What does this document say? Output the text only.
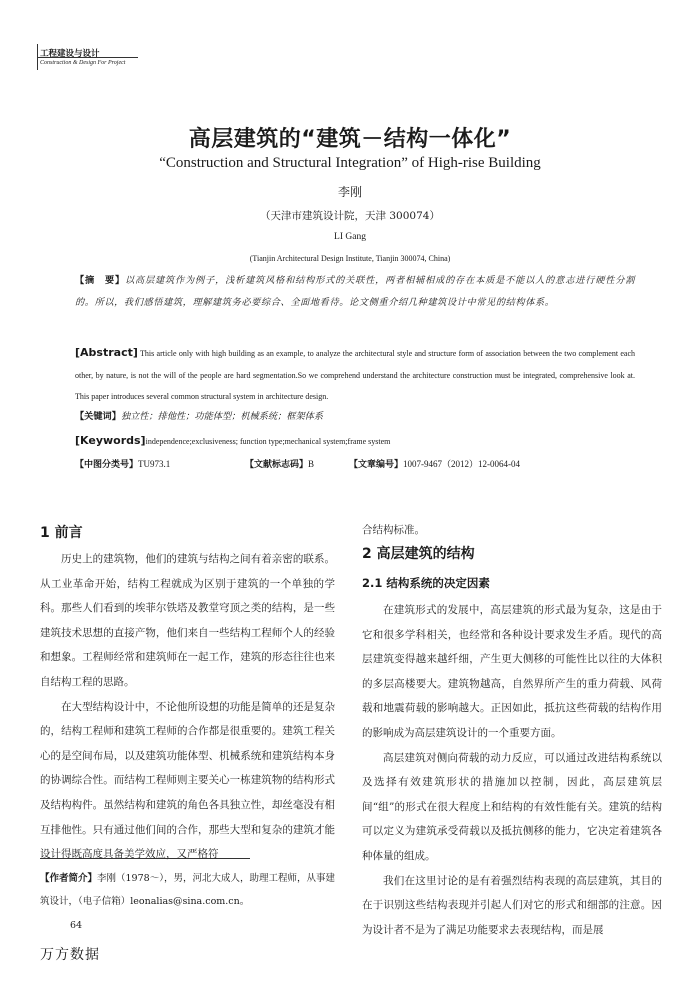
工程建设与设计
Construction & Design For Project
高层建筑的“建筑－结构一体化”
“Construction and Structural Integration” of High-rise Building
李刚
（天津市建筑设计院，天津 300074）
LI Gang
(Tianjin Architectural Design Institute, Tianjin 300074, China)
【摘　要】以高层建筑作为例子，浅析建筑风格和结构形式的关联性，两者相辅相成的存在本质是不能以人的意志进行硬性分割的。所以，我们感悟建筑，理解建筑务必要综合、全面地看待。论文侧重介绍几种建筑设计中常见的结构体系。
[Abstract] This article only with high building as an example, to analyze the architectural style and structure form of association between the two complement each other, by nature, is not the will of the people are hard segmentation.So we comprehend understand the architecture construction must be integrated, comprehensive look at. This paper introduces several common structural system in architecture design.
【关键词】独立性；排他性；功能体型；机械系统；框架体系
[Keywords]independence;exclusiveness; function type;mechanical system;frame system
【中图分类号】TU973.1	【文献标志码】B	【文章编号】1007-9467（2012）12-0064-04
1 前言

历史上的建筑物，他们的建筑与结构之间有着亲密的联系。从工业革命开始，结构工程就成为区别于建筑的一个单独的学科。那些人们看到的埃菲尔铁塔及教堂穹顶之类的结构，是一些建筑技术思想的直接产物，他们来自一些结构工程师个人的经验和想象。工程师经常和建筑师在一起工作，建筑的形态往往也来自结构工程的思路。

在大型结构设计中，不论他所设想的功能是简单的还是复杂的，结构工程师和建筑工程师的合作都是很重要的。建筑工程关心的是空间布局，以及建筑功能体型、机械系统和建筑结构本身的协调综合性。而结构工程师则主要关心一栋建筑物的结构形式及结构构件。虽然结构和建筑的角色各具独立性，却丝毫没有相互排他性。只有通过他们间的合作，那些大型和复杂的建筑才能设计得既高度具备美学效应，又严格符

合结构标准。

2 高层建筑的结构
2.1 结构系统的决定因素

在建筑形式的发展中，高层建筑的形式最为复杂，这是由于它和很多学科相关，也经常和各种设计要求发生矛盾。现代的高层建筑变得越来越纤细，产生更大侧移的可能性比以往的大体积的多层高楼要大。建筑物越高，自然界所产生的重力荷载、风荷载和地震荷载的影响越大。正因如此，抵抗这些荷载的结构作用的影响成为高层建筑设计的一个重要方面。

高层建筑对侧向荷载的动力反应，可以通过改进结构系统以及选择有效建筑形状的措施加以控制，因此，高层建筑层间“组”的形式在很大程度上和结构的有效性能有关。建筑的结构可以定义为建筑承受荷载以及抵抗侧移的能力，它决定着建筑各种体量的组成。

我们在这里讨论的是有着强烈结构表现的高层建筑，其目的在于识别这些结构表现并引起人们对它的形式和细部的注意。因为设计者不是为了满足功能要求去表现结构，而是展

【作者简介】李刚（1978～），男，河北大成人，助理工程师，从事建筑设计，（电子信箱）leonalias@sina.com.cn。
64
万方数据
